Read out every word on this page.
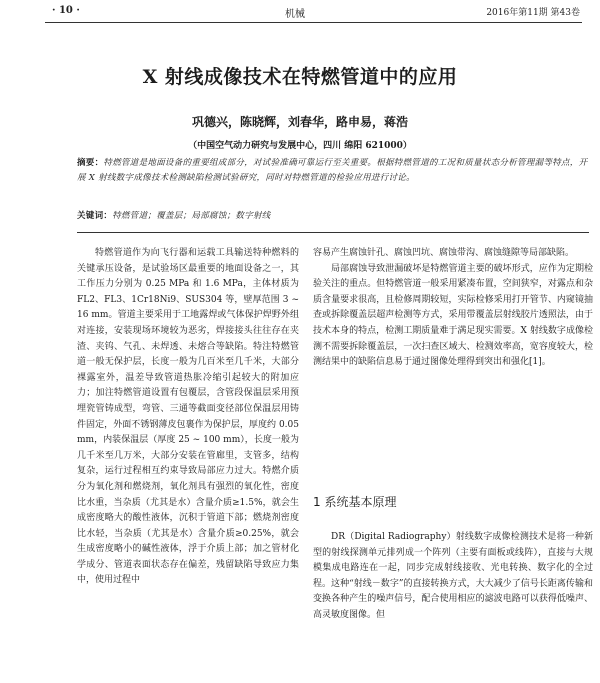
· 10 ·	机械	2016年第11期 第43卷
X 射线成像技术在特燃管道中的应用
巩德兴，陈晓辉，刘春华，路申易，蒋浩
（中国空气动力研究与发展中心，四川 绵阳 621000）
摘要：特燃管道是地面设备的重要组成部分，对试验准确可靠运行至关重要。根据特燃管道的工况和质量状态分析管理漏等特点，开展 X 射线数字成像技术检测缺陷检测试验研究，同时对特燃管道的检验应用进行讨论。
关键词：特燃管道；覆盖层；局部腐蚀；数字射线

特燃管道作为向飞行器和运载工具输送特种燃料的关键承压设备，是试验场区最重要的地面设备之一，其工作压力分别为 0.25 MPa 和 1.6 MPa，主体材质为 FL2、FL3、1Cr18Ni9、SUS304 等，壁厚范围 3 ~ 16 mm。管道主要采用于工地露焊或气体保护焊野外组对连接，安装现场环境较为恶劣，焊接接头往往存在夹渣、夹钨、气孔、未焊透、未熔合等缺陷。特注特燃管道一般无保护层，长度一般为几百米至几千米，大部分裸露室外，温差导致管道热胀冷缩引起较大的附加应力；加注特燃管道设置有包覆层，含管段保温层采用预埋瓷管铸成型，弯管、三通等截面变径部位保温层用铸件固定，外面不锈钢薄皮包裹作为保护层，厚度约 0.05 mm，内装保温层（厚度 25 ~ 100 mm），长度一般为几千米至几万米，大部分安装在管廊里，支管多，结构复杂，运行过程相互约束导致局部应力过大。特燃介质分为氧化剂和燃烧剂，氧化剂具有强烈的氧化性，密度比水重，当杂质（尤其是水）含量介质≥1.5%，就会生成密度略大的酸性液体，沉积于管道下部；燃烧剂密度比水轻，当杂质（尤其是水）含量介质≥0.25%，就会生成密度略小的碱性液体，浮于介质上部；加之管材化学成分、管道表面状态存在偏差，残留缺陷导致应力集中，使用过程中

容易产生腐蚀针孔、腐蚀凹坑、腐蚀带沟、腐蚀缝隙等局部缺陷。

局部腐蚀导致泄漏破坏是特燃管道主要的破坏形式，应作为定期检验关注的重点。但特燃管道一般采用紧凑布置，空间狭窄，对露点和杂质含量要求很高，且检修周期较短，实际检修采用打开管节、内窥镜抽查或拆除覆盖层超声检测等方式，采用带覆盖层射线胶片透照法，由于技术本身的特点，检测工期质量难于满足现实需要。X 射线数字成像检测不需要拆除覆盖层，一次扫查区域大、检测效率高，宽容度较大，检测结果中的缺陷信息易于通过图像处理得到突出和强化[1]。

1 系统基本原理

DR（Digital Radiography）射线数字成像检测技术是将一种新型的射线探测单元排列成一个阵列（主要有面板或线阵），直接与大规模集成电路连在一起，同步完成射线接收、光电转换、数字化的全过程。这种“射线－数字”的直接转换方式，大大减少了信号长距离传输和变换各种产生的噪声信号，配合使用相应的滤波电路可以获得低噪声、高灵敏度图像。但
